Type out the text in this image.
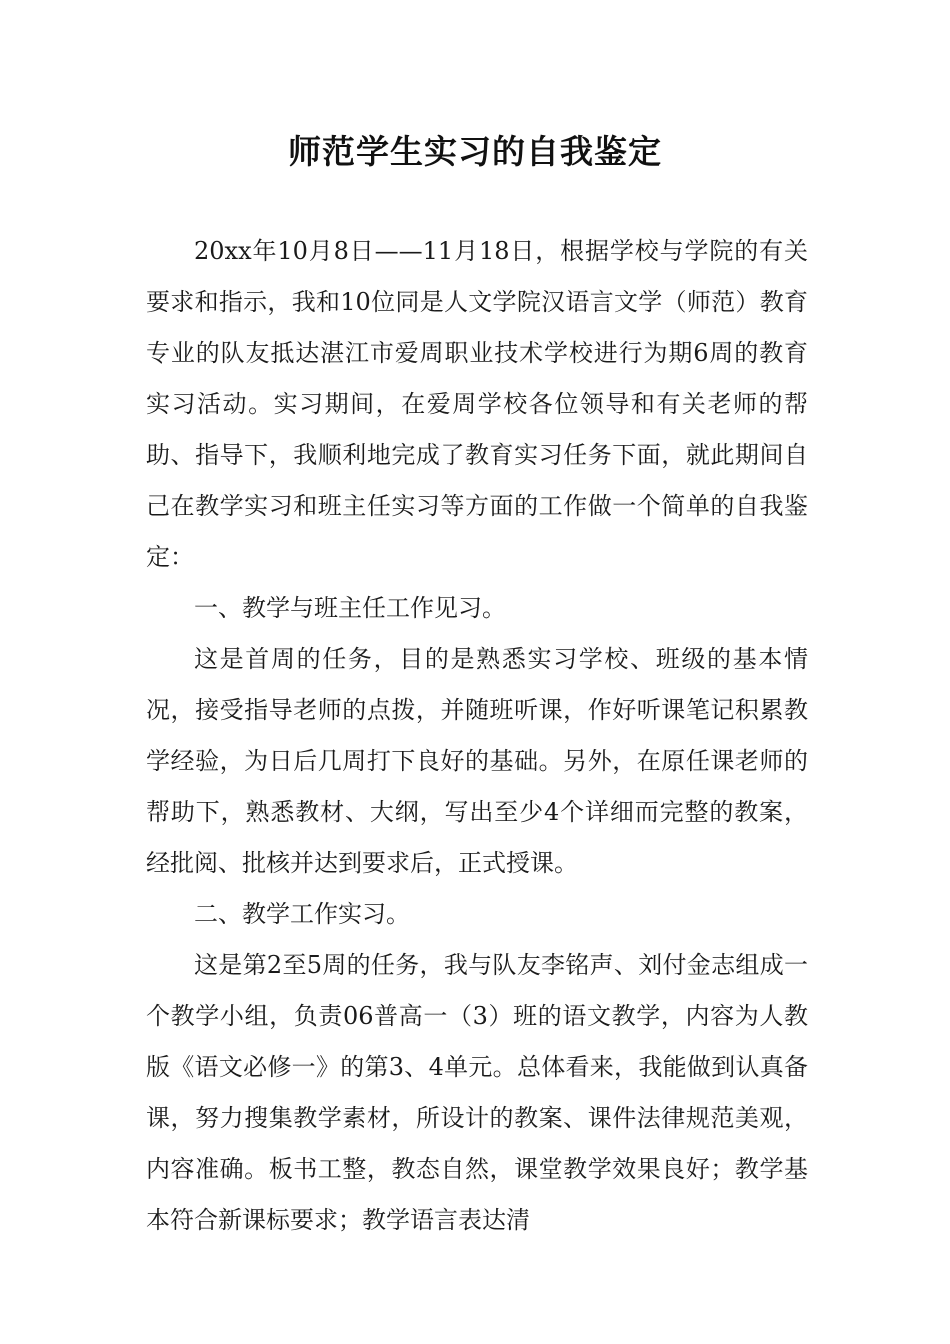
师范学生实习的自我鉴定

20xx年10月8日——11月18日，根据学校与学院的有关要求和指示，我和10位同是人文学院汉语言文学（师范）教育专业的队友抵达湛江市爱周职业技术学校进行为期6周的教育实习活动。实习期间，在爱周学校各位领导和有关老师的帮助、指导下，我顺利地完成了教育实习任务下面，就此期间自己在教学实习和班主任实习等方面的工作做一个简单的自我鉴定：

一、教学与班主任工作见习。

这是首周的任务，目的是熟悉实习学校、班级的基本情况，接受指导老师的点拨，并随班听课，作好听课笔记积累教学经验，为日后几周打下良好的基础。另外，在原任课老师的帮助下，熟悉教材、大纲，写出至少4个详细而完整的教案，经批阅、批核并达到要求后，正式授课。

二、教学工作实习。

这是第2至5周的任务，我与队友李铭声、刘付金志组成一个教学小组，负责06普高一（3）班的语文教学，内容为人教版《语文必修一》的第3、4单元。总体看来，我能做到认真备课，努力搜集教学素材，所设计的教案、课件法律规范美观，内容准确。板书工整，教态自然，课堂教学效果良好；教学基本符合新课标要求；教学语言表达清
